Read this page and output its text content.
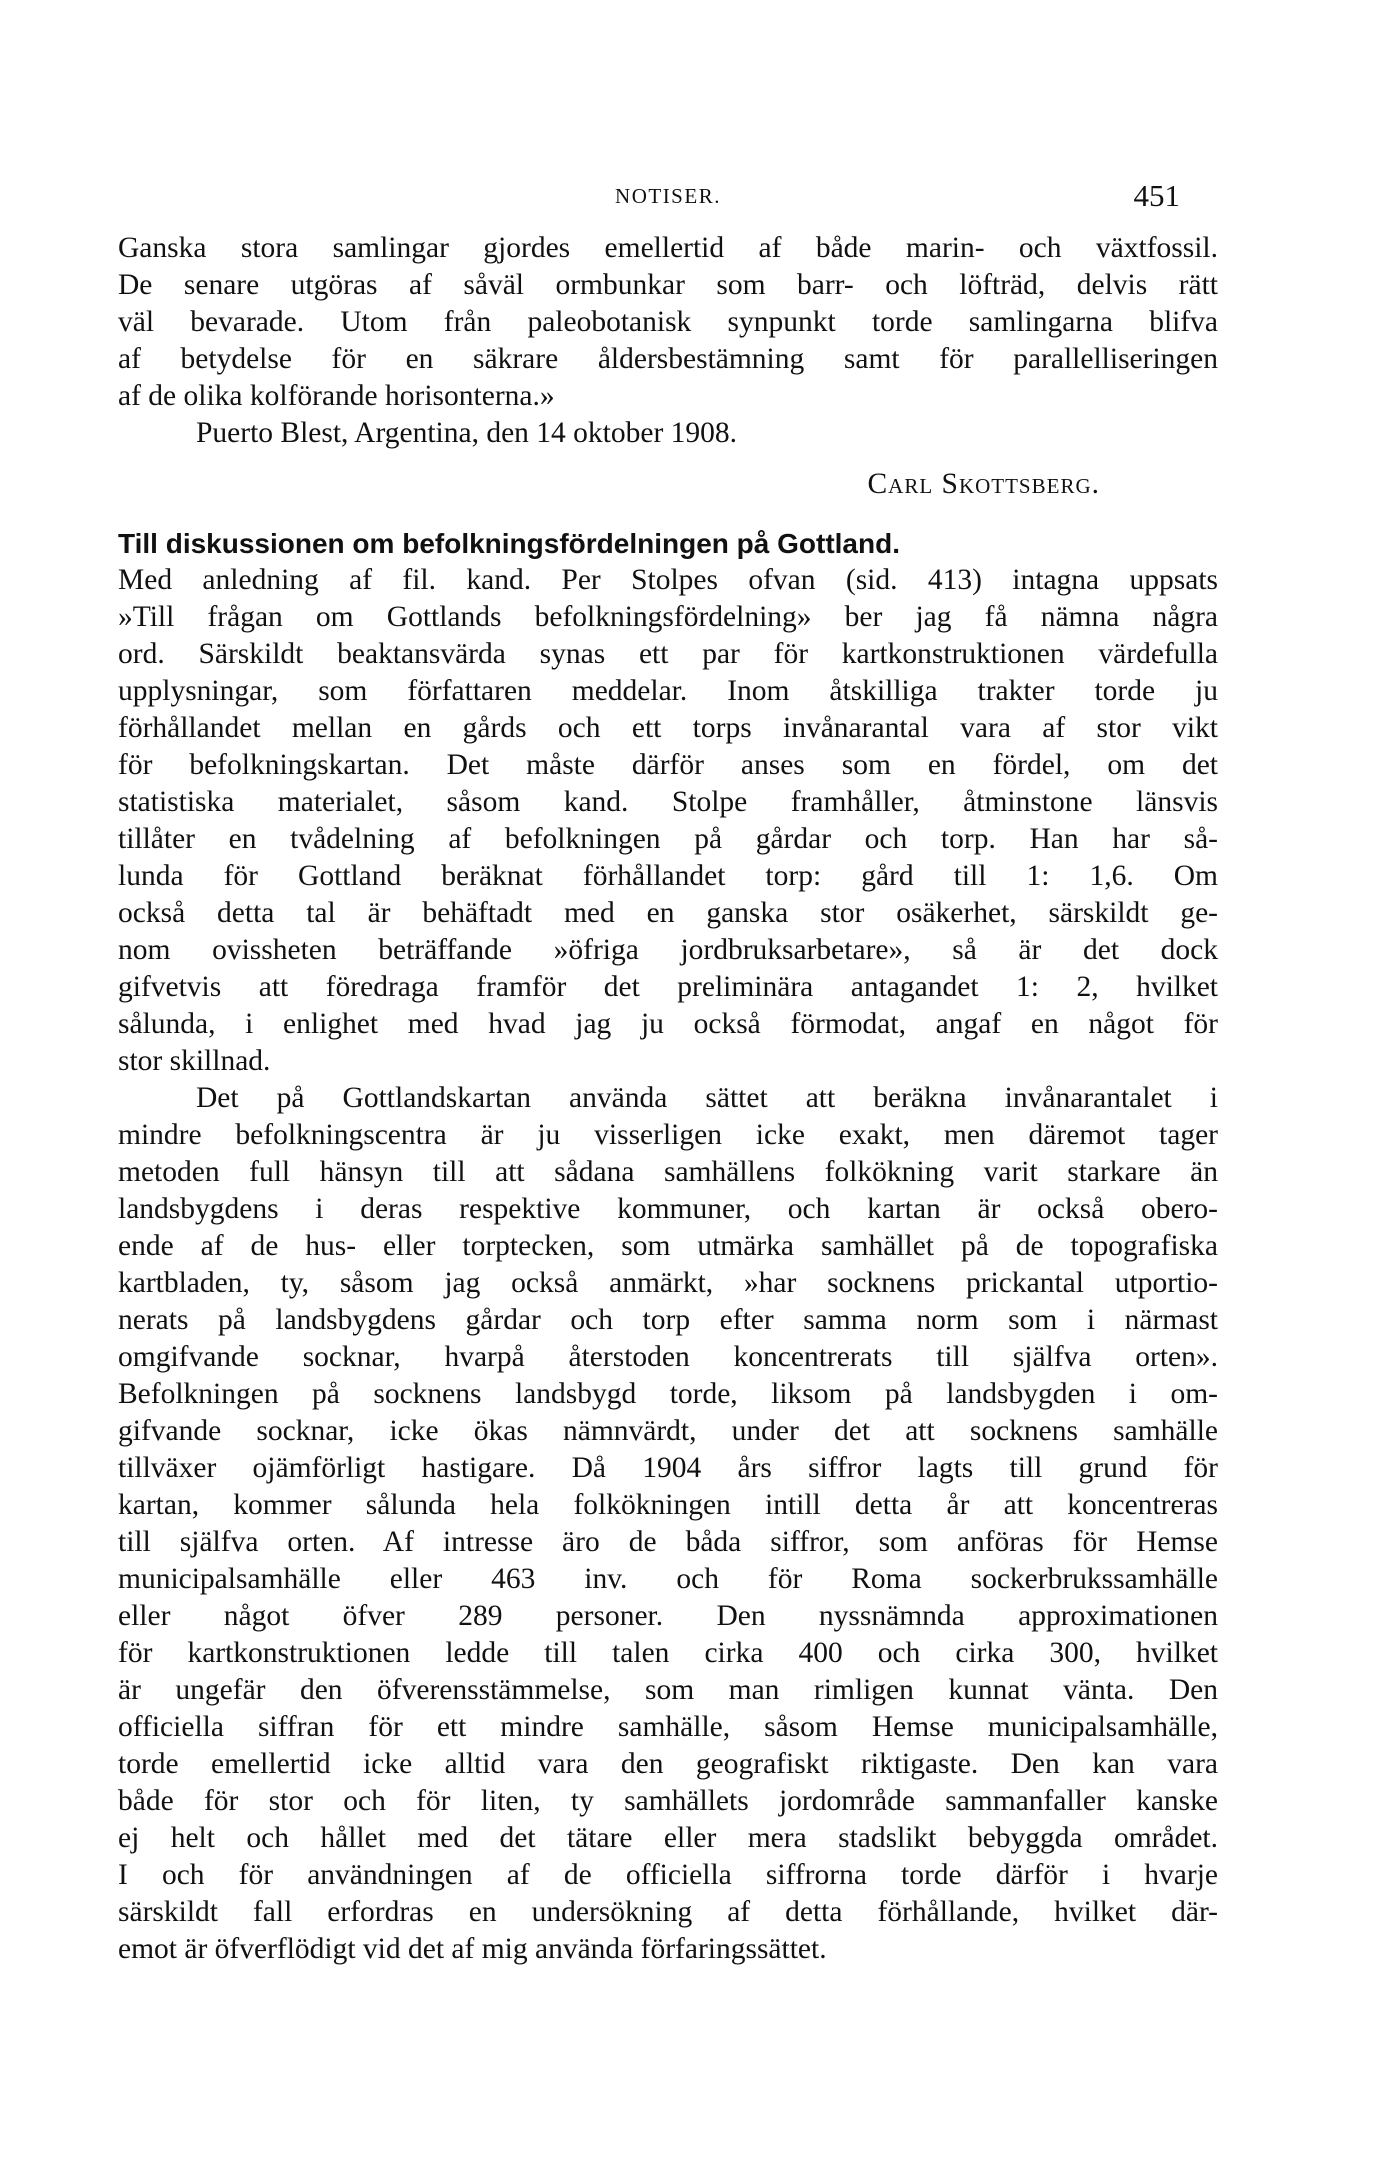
NOTISER.	451
Ganska stora samlingar gjordes emellertid af både marin- och växtfossil.
De senare utgöras af såväl ormbunkar som barr- och löfträd, delvis rätt
väl bevarade. Utom från paleobotanisk synpunkt torde samlingarna blifva
af betydelse för en säkrare åldersbestämning samt för parallelliseringen
af de olika kolförande horisonterna.»
Puerto Blest, Argentina, den 14 oktober 1908.
Carl Skottsberg.
Till diskussionen om befolkningsfördelningen på Gottland.
Med anledning af fil. kand. Per Stolpes ofvan (sid. 413) intagna uppsats
»Till frågan om Gottlands befolkningsfördelning» ber jag få nämna några
ord. Särskildt beaktansvärda synas ett par för kartkonstruktionen värdefulla
upplysningar, som författaren meddelar. Inom åtskilliga trakter torde ju
förhållandet mellan en gårds och ett torps invånarantal vara af stor vikt
för befolkningskartan. Det måste därför anses som en fördel, om det
statistiska materialet, såsom kand. Stolpe framhåller, åtminstone länsvis
tillåter en tvådelning af befolkningen på gårdar och torp. Han har så-
lunda för Gottland beräknat förhållandet torp: gård till 1: 1,6. Om
också detta tal är behäftadt med en ganska stor osäkerhet, särskildt ge-
nom ovissheten beträffande »öfriga jordbruksarbetare», så är det dock
gifvetvis att föredraga framför det preliminära antagandet 1: 2, hvilket
sålunda, i enlighet med hvad jag ju också förmodat, angaf en något för
stor skillnad.
Det på Gottlandskartan använda sättet att beräkna invånarantalet i
mindre befolkningscentra är ju visserligen icke exakt, men däremot tager
metoden full hänsyn till att sådana samhällens folkökning varit starkare än
landsbygdens i deras respektive kommuner, och kartan är också obero-
ende af de hus- eller torptecken, som utmärka samhället på de topografiska
kartbladen, ty, såsom jag också anmärkt, »har socknens prickantal utportio-
nerats på landsbygdens gårdar och torp efter samma norm som i närmast
omgifvande socknar, hvarpå återstoden koncentrerats till själfva orten».
Befolkningen på socknens landsbygd torde, liksom på landsbygden i om-
gifvande socknar, icke ökas nämnvärdt, under det att socknens samhälle
tillväxer ojämförligt hastigare. Då 1904 års siffror lagts till grund för
kartan, kommer sålunda hela folkökningen intill detta år att koncentreras
till själfva orten. Af intresse äro de båda siffror, som anföras för Hemse
municipalsamhälle eller 463 inv. och för Roma sockerbrukssamhälle
eller något öfver 289 personer. Den nyssnämnda approximationen
för kartkonstruktionen ledde till talen cirka 400 och cirka 300, hvilket
är ungefär den öfverensstämmelse, som man rimligen kunnat vänta. Den
officiella siffran för ett mindre samhälle, såsom Hemse municipalsamhälle,
torde emellertid icke alltid vara den geografiskt riktigaste. Den kan vara
både för stor och för liten, ty samhällets jordområde sammanfaller kanske
ej helt och hållet med det tätare eller mera stadslikt bebyggda området.
I och för användningen af de officiella siffrorna torde därför i hvarje
särskildt fall erfordras en undersökning af detta förhållande, hvilket där-
emot är öfverflödigt vid det af mig använda förfaringssättet.
